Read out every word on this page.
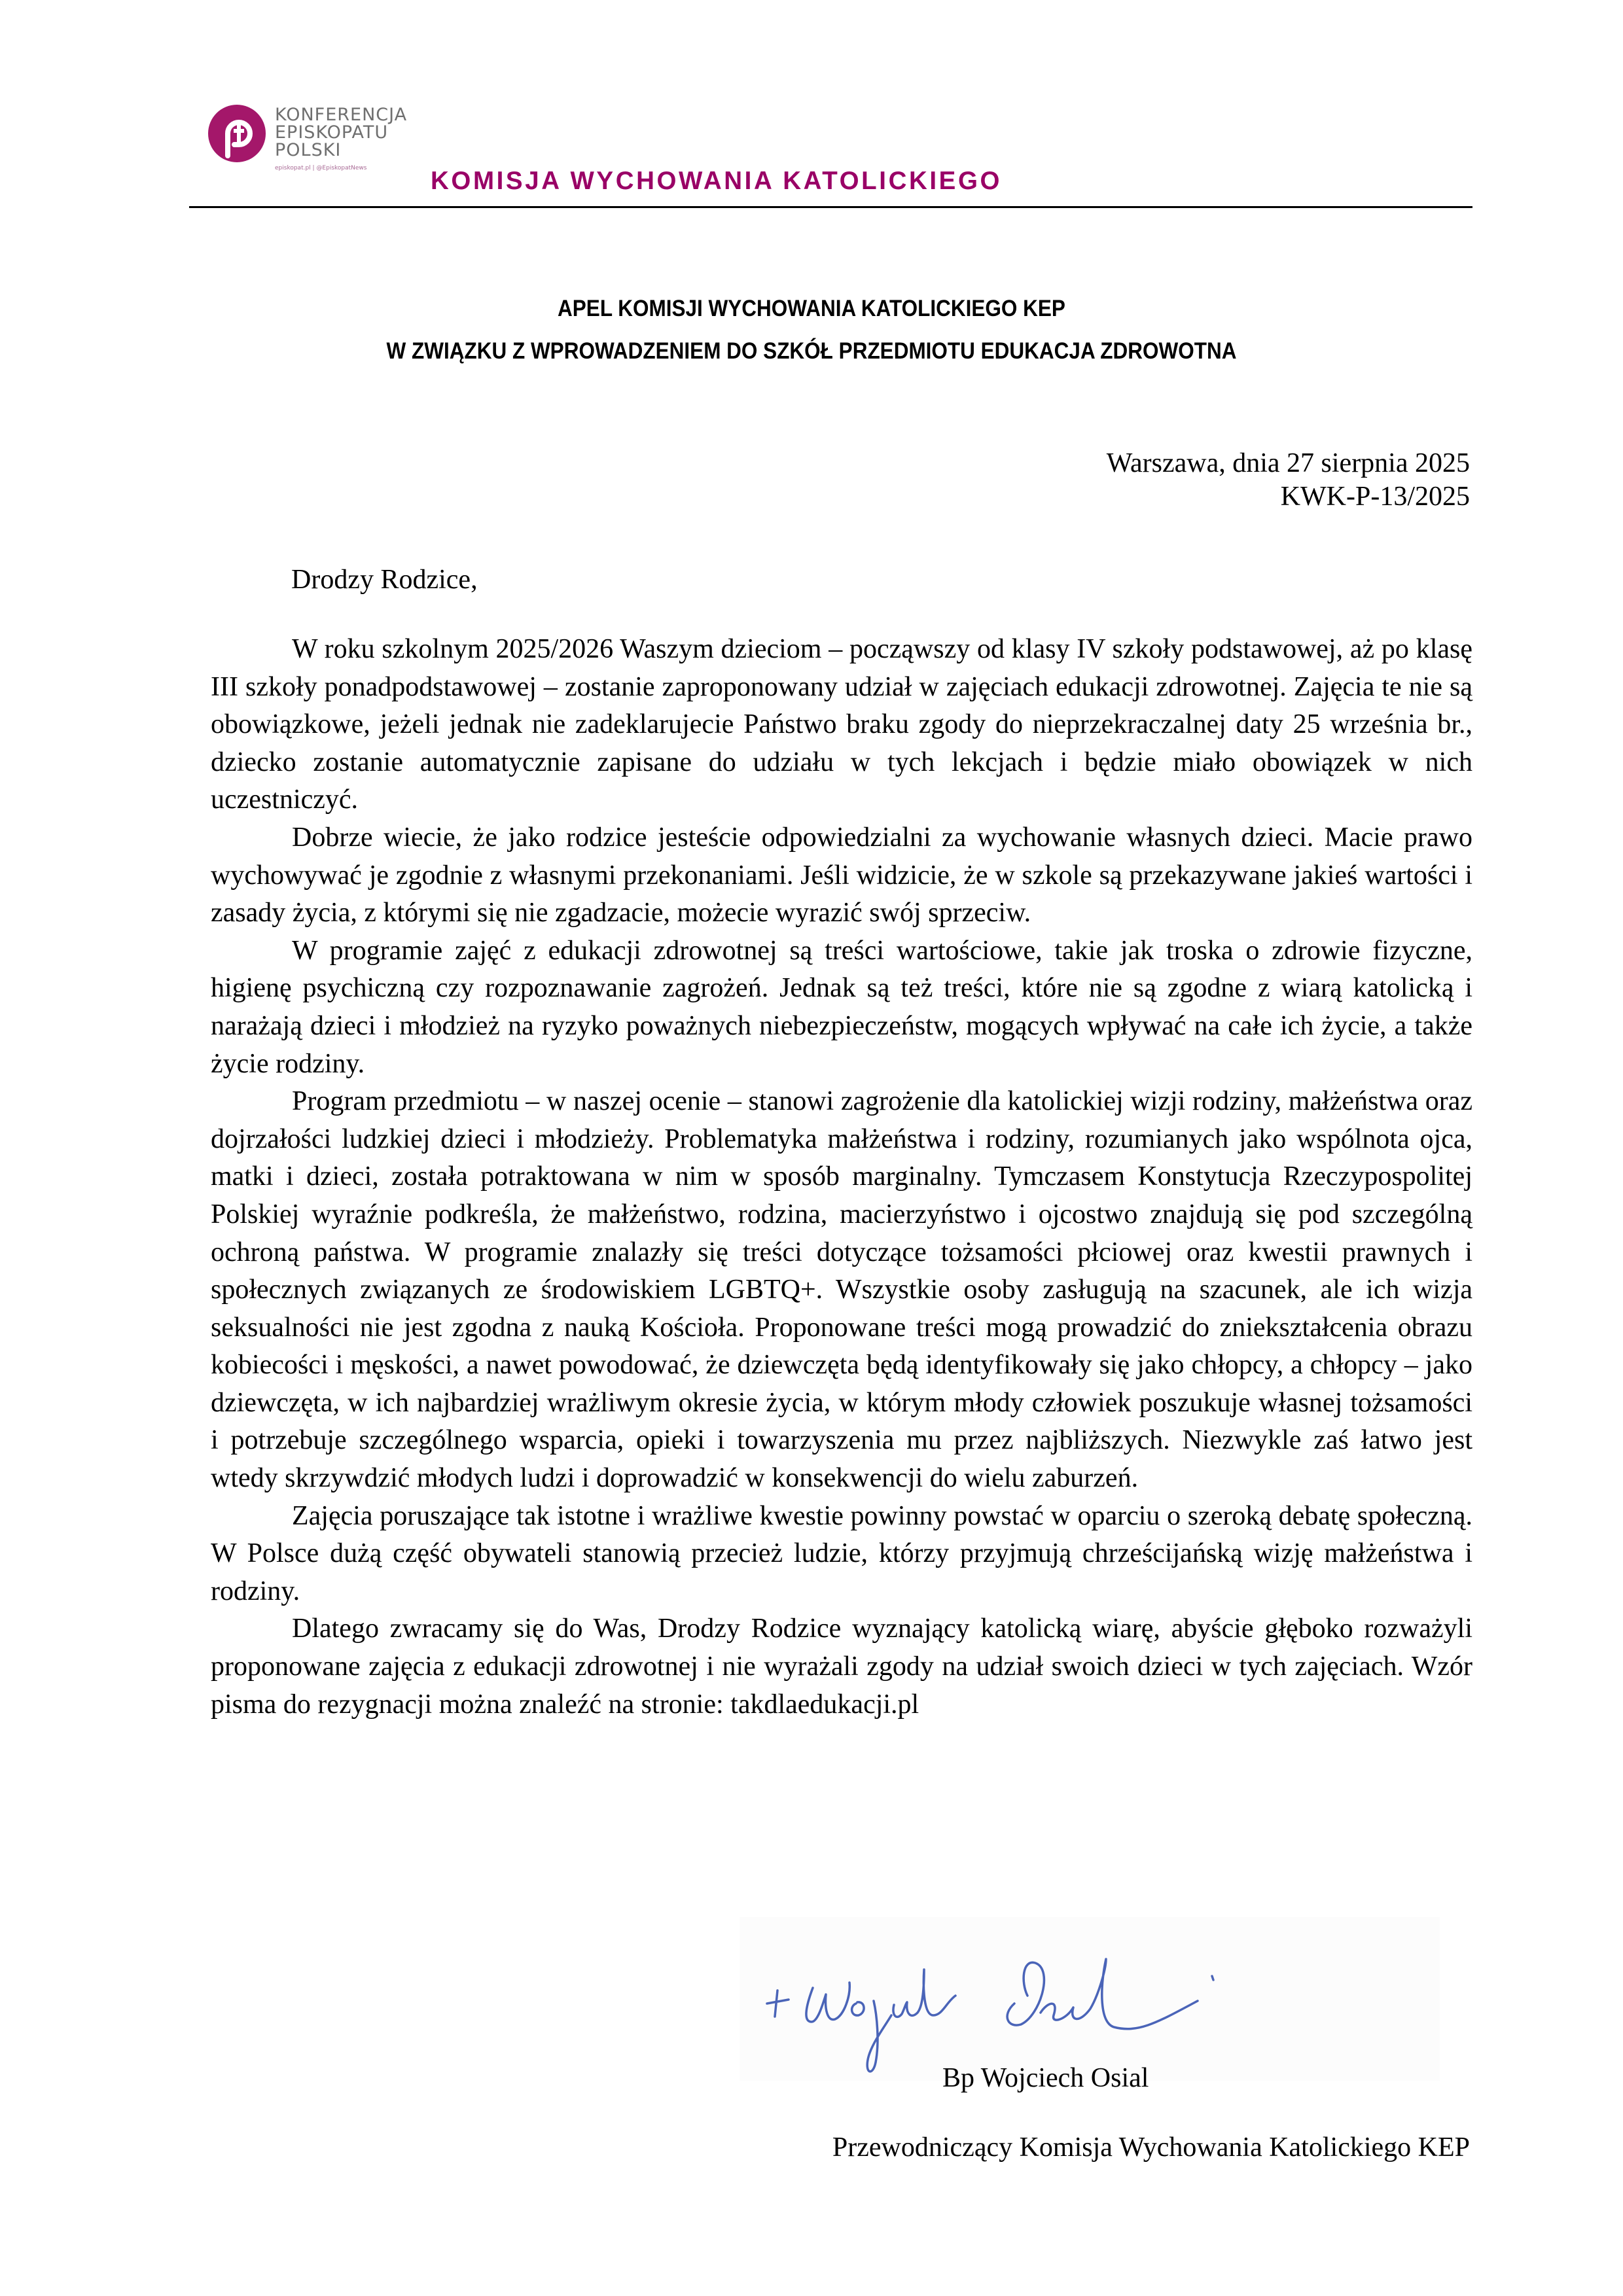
KONFERENCJA
EPISKOPATU
POLSKI
episkopat.pl | @EpiskopatNews	KOMISJA WYCHOWANIA KATOLICKIEGO
APEL KOMISJI WYCHOWANIA KATOLICKIEGO KEP
W ZWIĄZKU Z WPROWADZENIEM DO SZKÓŁ PRZEDMIOTU EDUKACJA ZDROWOTNA
Warszawa, dnia 27 sierpnia 2025
KWK-P-13/2025
Drodzy Rodzice,

W roku szkolnym 2025/2026 Waszym dzieciom – począwszy od klasy IV szkoły podstawowej, aż po klasę III szkoły ponadpodstawowej – zostanie zaproponowany udział w zajęciach edukacji zdrowotnej. Zajęcia te nie są obowiązkowe, jeżeli jednak nie zadeklarujecie Państwo braku zgody do nieprzekraczalnej daty 25 września br., dziecko zostanie automatycznie zapisane do udziału w tych lekcjach i będzie miało obowiązek w nich uczestniczyć.

Dobrze wiecie, że jako rodzice jesteście odpowiedzialni za wychowanie własnych dzieci. Macie prawo wychowywać je zgodnie z własnymi przekonaniami. Jeśli widzicie, że w szkole są przekazywane jakieś wartości i zasady życia, z którymi się nie zgadzacie, możecie wyrazić swój sprzeciw.

W programie zajęć z edukacji zdrowotnej są treści wartościowe, takie jak troska o zdrowie fizyczne, higienę psychiczną czy rozpoznawanie zagrożeń. Jednak są też treści, które nie są zgodne z wiarą katolicką i narażają dzieci i młodzież na ryzyko poważnych niebezpieczeństw, mogących wpływać na całe ich życie, a także życie rodziny.

Program przedmiotu – w naszej ocenie – stanowi zagrożenie dla katolickiej wizji rodziny, małżeństwa oraz dojrzałości ludzkiej dzieci i młodzieży. Problematyka małżeństwa i rodziny, rozumianych jako wspólnota ojca, matki i dzieci, została potraktowana w nim w sposób marginalny. Tymczasem Konstytucja Rzeczypospolitej Polskiej wyraźnie podkreśla, że małżeństwo, rodzina, macierzyństwo i ojcostwo znajdują się pod szczególną ochroną państwa. W programie znalazły się treści dotyczące tożsamości płciowej oraz kwestii prawnych i społecznych związanych ze środowiskiem LGBTQ+. Wszystkie osoby zasługują na szacunek, ale ich wizja seksualności nie jest zgodna z nauką Kościoła. Proponowane treści mogą prowadzić do zniekształcenia obrazu kobiecości i męskości, a nawet powodować, że dziewczęta będą identyfikowały się jako chłopcy, a chłopcy – jako dziewczęta, w ich najbardziej wrażliwym okresie życia, w którym młody człowiek poszukuje własnej tożsamości i potrzebuje szczególnego wsparcia, opieki i towarzyszenia mu przez najbliższych. Niezwykle zaś łatwo jest wtedy skrzywdzić młodych ludzi i doprowadzić w konsekwencji do wielu zaburzeń.

Zajęcia poruszające tak istotne i wrażliwe kwestie powinny powstać w oparciu o szeroką debatę społeczną. W Polsce dużą część obywateli stanowią przecież ludzie, którzy przyjmują chrześcijańską wizję małżeństwa i rodziny.

Dlatego zwracamy się do Was, Drodzy Rodzice wyznający katolicką wiarę, abyście głęboko rozważyli proponowane zajęcia z edukacji zdrowotnej i nie wyrażali zgody na udział swoich dzieci w tych zajęciach. Wzór pisma do rezygnacji można znaleźć na stronie: takdlaedukacji.pl

Bp Wojciech Osial
Przewodniczący Komisja Wychowania Katolickiego KEP
